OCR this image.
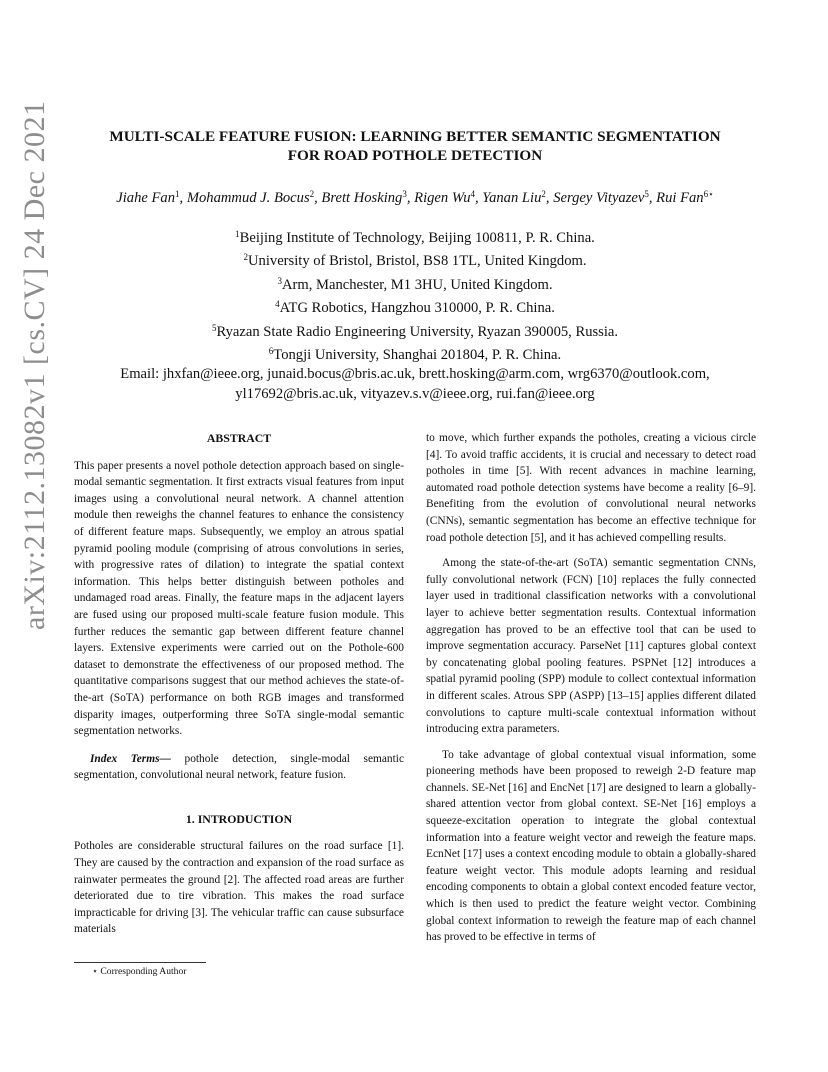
arXiv:2112.13082v1 [cs.CV] 24 Dec 2021	MULTI-SCALE FEATURE FUSION: LEARNING BETTER SEMANTIC SEGMENTATION
FOR ROAD POTHOLE DETECTION
Jiahe Fan$^1$, Mohammud J. Bocus$^2$, Brett Hosking$^3$, Rigen Wu$^4$, Yanan Liu$^2$, Sergey Vityazev$^5$, Rui Fan$^{6⋆}$
$^1$Beijing Institute of Technology, Beijing 100811, P. R. China.
$^2$University of Bristol, Bristol, BS8 1TL, United Kingdom.
$^3$Arm, Manchester, M1 3HU, United Kingdom.
$^4$ATG Robotics, Hangzhou 310000, P. R. China.
$^5$Ryazan State Radio Engineering University, Ryazan 390005, Russia.
$^6$Tongji University, Shanghai 201804, P. R. China.
Email: jhxfan@ieee.org, junaid.bocus@bris.ac.uk, brett.hosking@arm.com, wrg6370@outlook.com,
yl17692@bris.ac.uk, vityazev.s.v@ieee.org, rui.fan@ieee.org
ABSTRACT

This paper presents a novel pothole detection approach based on single-modal semantic segmentation. It first extracts visual features from input images using a convolutional neural network. A channel attention module then reweighs the channel features to enhance the consistency of different feature maps. Subsequently, we employ an atrous spatial pyramid pooling module (comprising of atrous convolutions in series, with progressive rates of dilation) to integrate the spatial context information. This helps better distinguish between potholes and undamaged road areas. Finally, the feature maps in the adjacent layers are fused using our proposed multi-scale feature fusion module. This further reduces the semantic gap between different feature channel layers. Extensive experiments were carried out on the Pothole-600 dataset to demonstrate the effectiveness of our proposed method. The quantitative comparisons suggest that our method achieves the state-of-the-art (SoTA) performance on both RGB images and transformed disparity images, outperforming three SoTA single-modal semantic segmentation networks.

Index Terms— pothole detection, single-modal semantic segmentation, convolutional neural network, feature fusion.

1. INTRODUCTION

Potholes are considerable structural failures on the road surface [1]. They are caused by the contraction and expansion of the road surface as rainwater permeates the ground [2]. The affected road areas are further deteriorated due to tire vibration. This makes the road surface impracticable for driving [3]. The vehicular traffic can cause subsurface materials

to move, which further expands the potholes, creating a vicious circle [4]. To avoid traffic accidents, it is crucial and necessary to detect road potholes in time [5]. With recent advances in machine learning, automated road pothole detection systems have become a reality [6–9]. Benefiting from the evolution of convolutional neural networks (CNNs), semantic segmentation has become an effective technique for road pothole detection [5], and it has achieved compelling results.

Among the state-of-the-art (SoTA) semantic segmentation CNNs, fully convolutional network (FCN) [10] replaces the fully connected layer used in traditional classification networks with a convolutional layer to achieve better segmentation results. Contextual information aggregation has proved to be an effective tool that can be used to improve segmentation accuracy. ParseNet [11] captures global context by concatenating global pooling features. PSPNet [12] introduces a spatial pyramid pooling (SPP) module to collect contextual information in different scales. Atrous SPP (ASPP) [13–15] applies different dilated convolutions to capture multi-scale contextual information without introducing extra parameters.

To take advantage of global contextual visual information, some pioneering methods have been proposed to reweigh 2-D feature map channels. SE-Net [16] and EncNet [17] are designed to learn a globally-shared attention vector from global context. SE-Net [16] employs a squeeze-excitation operation to integrate the global contextual information into a feature weight vector and reweigh the feature maps. EcnNet [17] uses a context encoding module to obtain a globally-shared feature weight vector. This module adopts learning and residual encoding components to obtain a global context encoded feature vector, which is then used to predict the feature weight vector. Combining global context information to reweigh the feature map of each channel has proved to be effective in terms of

⋆ Corresponding Author
